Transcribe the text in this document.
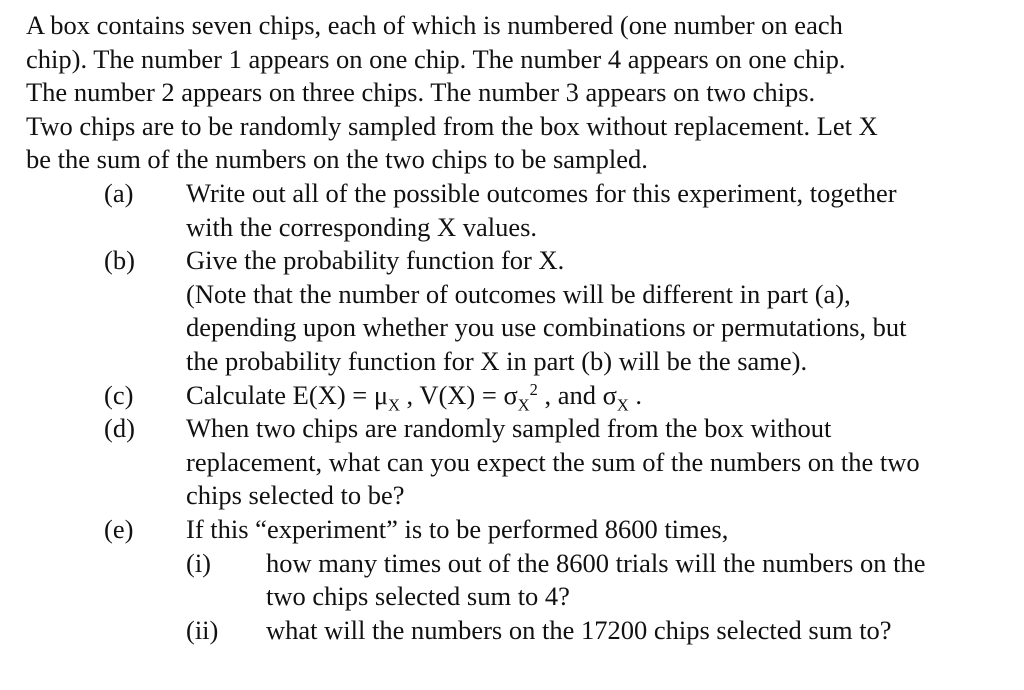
A box contains seven chips, each of which is numbered (one number on each

chip). The number 1 appears on one chip. The number 4 appears on one chip.

The number 2 appears on three chips. The number 3 appears on two chips.

Two chips are to be randomly sampled from the box without replacement. Let X

be the sum of the numbers on the two chips to be sampled.

(a) Write out all of the possible outcomes for this experiment, together

with the corresponding X values.

(b) Give the probability function for X.

(Note that the number of outcomes will be different in part (a),

depending upon whether you use combinations or permutations, but

the probability function for X in part (b) will be the same).

(c) Calculate $E(X) = \mu_X$ , $V(X) = \sigma_X^2$ , and $\sigma_X$ .

(d) When two chips are randomly sampled from the box without

replacement, what can you expect the sum of the numbers on the two

chips selected to be?

(e) If this “experiment” is to be performed 8600 times,

(i) how many times out of the 8600 trials will the numbers on the

two chips selected sum to 4?

(ii) what will the numbers on the 17200 chips selected sum to?
